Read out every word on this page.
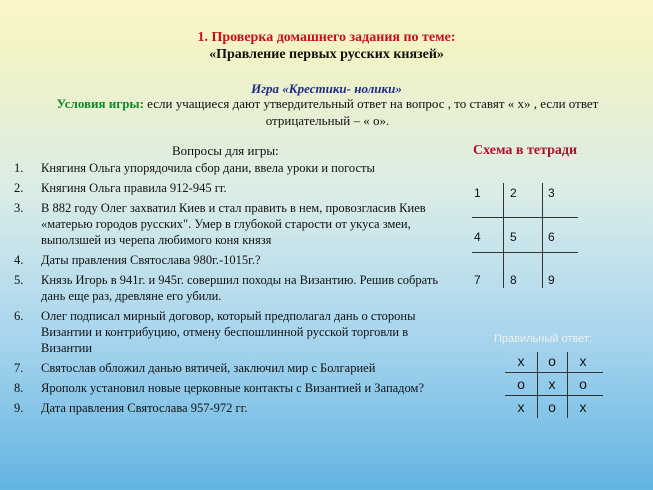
1. Проверка домашнего задания по теме:
«Правление первых русских князей»
Игра «Крестики- нолики»
Условия игры: если учащиеся дают утвердительный ответ на вопрос , то ставят « х» , если ответ отрицательный – « о».
Вопросы для игры:
1. Княгиня Ольга упорядочила сбор дани, ввела уроки и погосты
2. Княгиня Ольга правила 912-945 гг.
3. В 882 году Олег захватил Киев и стал править в нем, провозгласив Киев «матерью городов русских". Умер в глубокой старости от укуса змеи, выползшей из черепа любимого коня князя
4. Даты правления Святослава 980г.-1015г.?
5. Князь Игорь в 941г. и 945г. совершил походы на Византию. Решив собрать дань еще раз, древляне его убили.
6. Олег подписал мирный договор, который предполагал дань о стороны Византии и контрибуцию, отмену беспошлинной русской торговли в Византии
7. Святослав обложил данью вятичей, заключил мир с Болгарией
8. Ярополк установил новые церковные контакты с Византией и Западом?
9. Дата правления Святослава 957-972 гг.
Схема в тетради
1 2	3
4 5	6
7 8	9
Правильный ответ:
х	о	х
о	х	о
х	о	х
